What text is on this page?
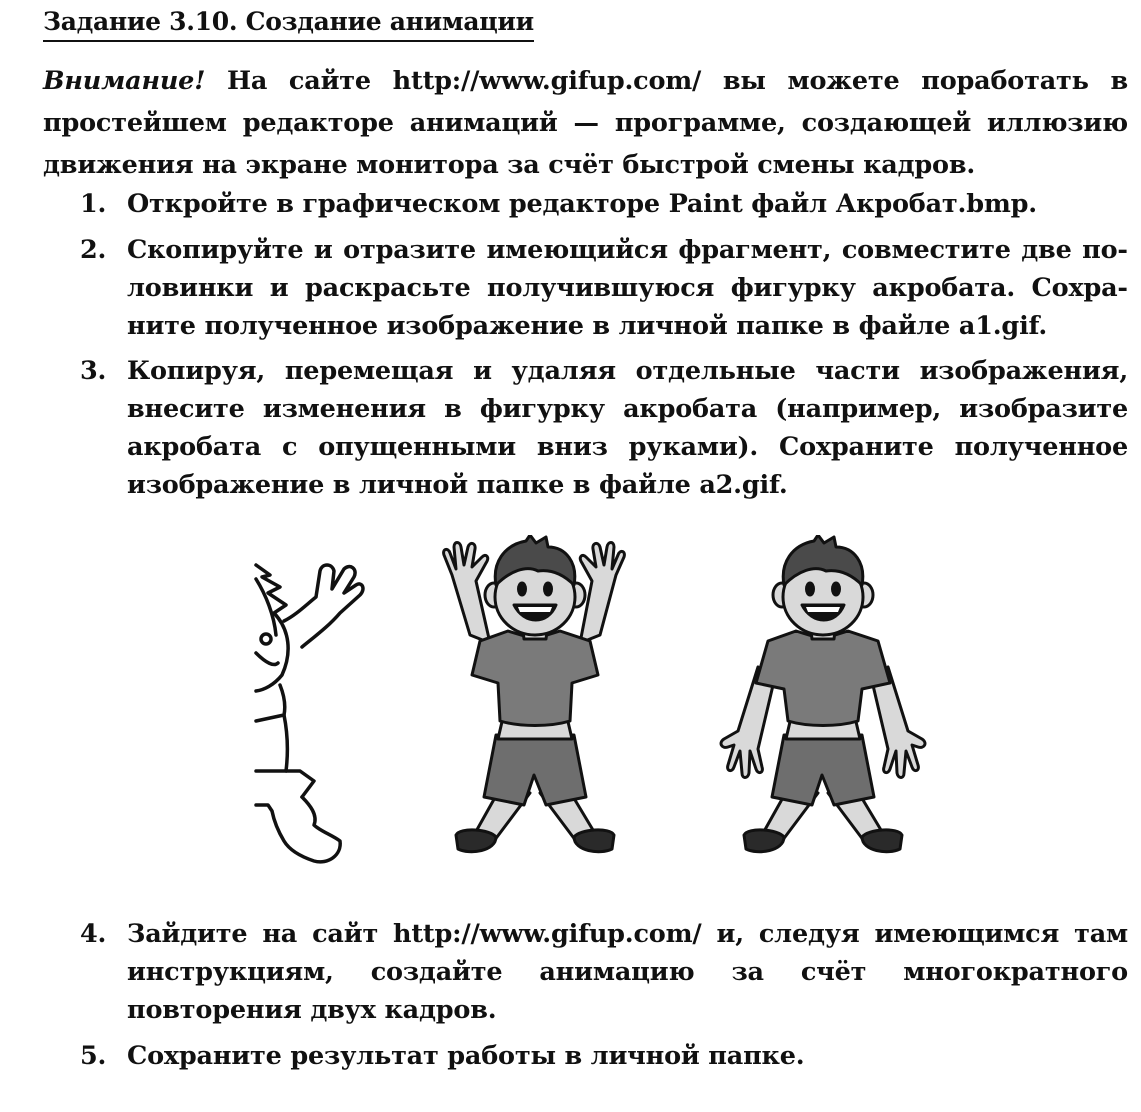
Задание 3.10. Создание анимации
Внимание! На сайте http://www.gifup.com/ вы можете поработать в простейшем редакторе анимаций — программе, создающей иллюзию движения на экране монитора за счёт быстрой смены кадров.
1. Откройте в графическом редакторе Paint файл Акробат.bmp.
2. Скопируйте и отразите имеющийся фрагмент, совместите две половинки и раскрасьте получившуюся фигурку акробата. Сохраните полученное изображение в личной папке в файле a1.gif.
3. Копируя, перемещая и удаляя отдельные части изображения, внесите изменения в фигурку акробата (например, изобразите акробата с опущенными вниз руками). Сохраните полученное изображение в личной папке в файле a2.gif.
4. Зайдите на сайт http://www.gifup.com/ и, следуя имеющимся там инструкциям, создайте анимацию за счёт многократного повторения двух кадров.
5. Сохраните результат работы в личной папке.
